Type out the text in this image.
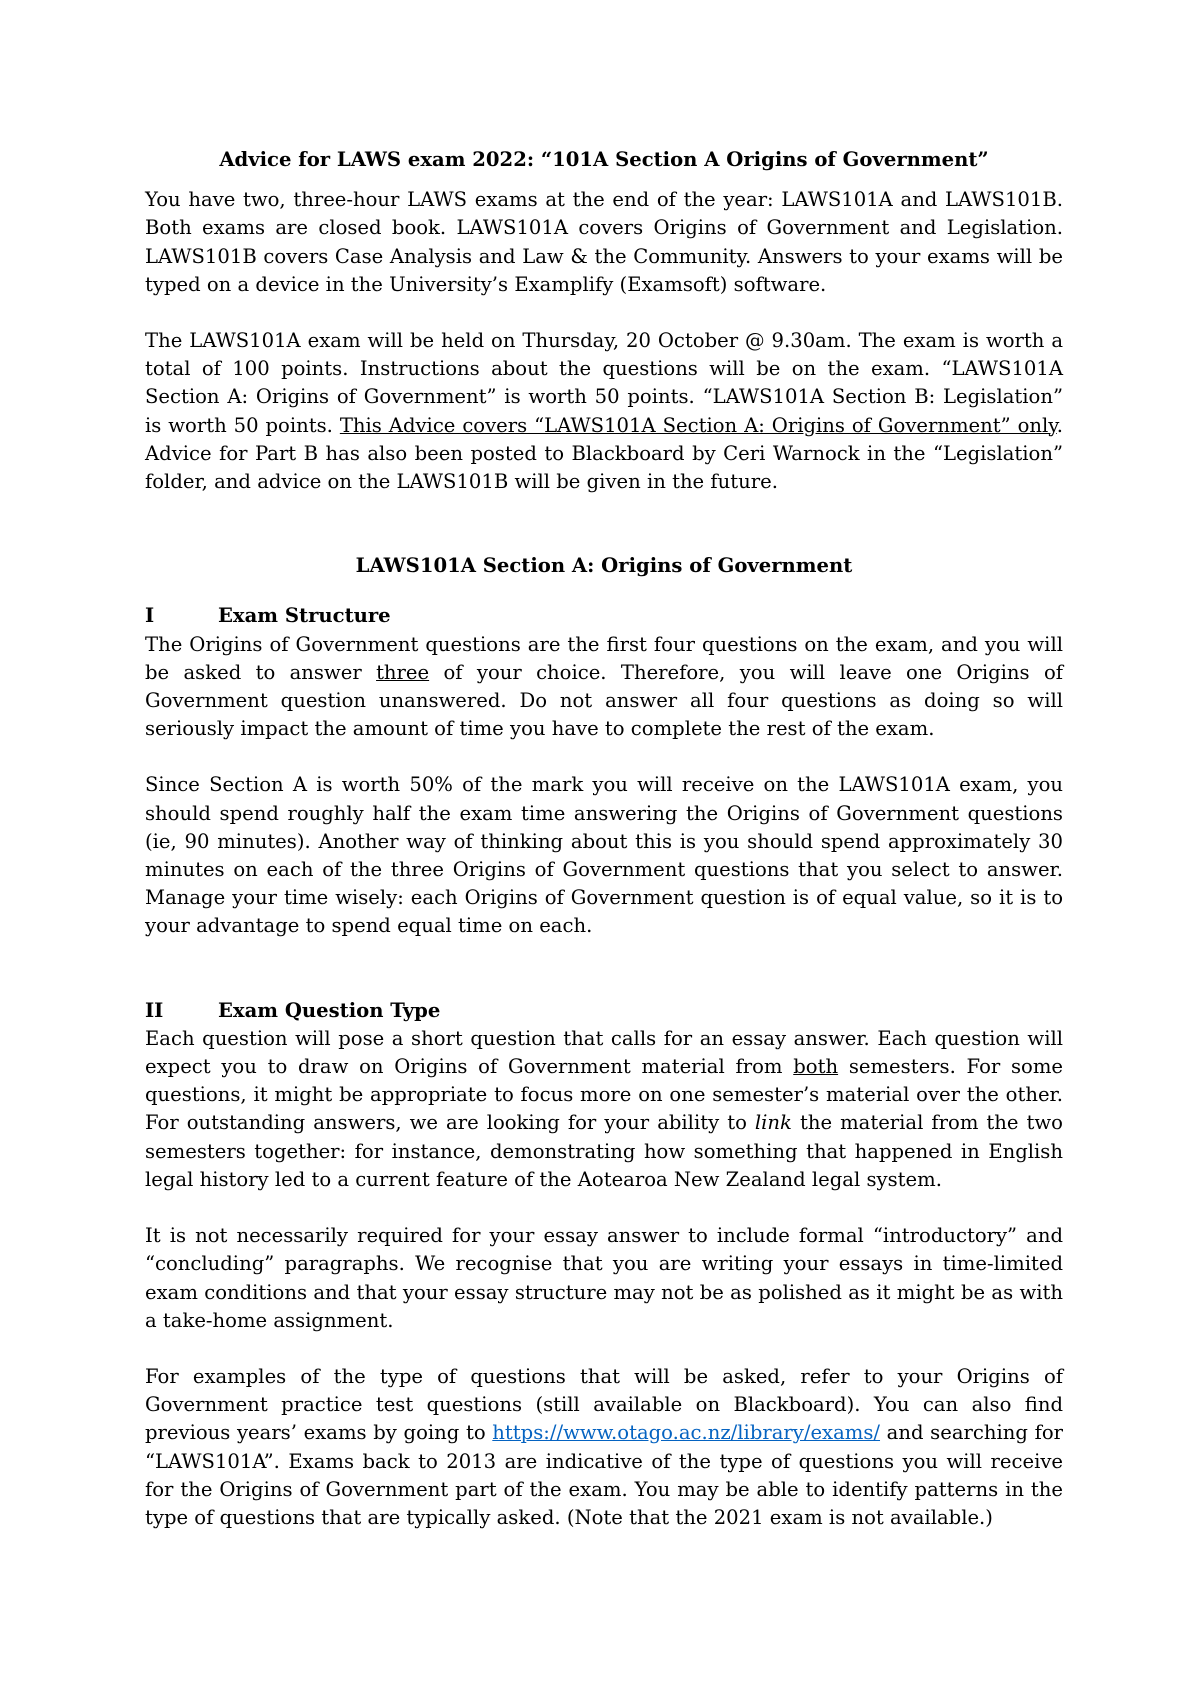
Advice for LAWS exam 2022: “101A Section A Origins of Government”

You have two, three-hour LAWS exams at the end of the year: LAWS101A and LAWS101B. Both exams are closed book. LAWS101A covers Origins of Government and Legislation. LAWS101B covers Case Analysis and Law & the Community. Answers to your exams will be typed on a device in the University’s Examplify (Examsoft) software.

The LAWS101A exam will be held on Thursday, 20 October @ 9.30am. The exam is worth a total of 100 points. Instructions about the questions will be on the exam. “LAWS101A Section A: Origins of Government” is worth 50 points. “LAWS101A Section B: Legislation” is worth 50 points. This Advice covers “LAWS101A Section A: Origins of Government” only. Advice for Part B has also been posted to Blackboard by Ceri Warnock in the “Legislation” folder, and advice on the LAWS101B will be given in the future.

LAWS101A Section A: Origins of Government
I	Exam Structure

The Origins of Government questions are the first four questions on the exam, and you will be asked to answer three of your choice. Therefore, you will leave one Origins of Government question unanswered. Do not answer all four questions as doing so will seriously impact the amount of time you have to complete the rest of the exam.

Since Section A is worth 50% of the mark you will receive on the LAWS101A exam, you should spend roughly half the exam time answering the Origins of Government questions (ie, 90 minutes). Another way of thinking about this is you should spend approximately 30 minutes on each of the three Origins of Government questions that you select to answer. Manage your time wisely: each Origins of Government question is of equal value, so it is to your advantage to spend equal time on each.

II	Exam Question Type

Each question will pose a short question that calls for an essay answer. Each question will expect you to draw on Origins of Government material from both semesters. For some questions, it might be appropriate to focus more on one semester’s material over the other. For outstanding answers, we are looking for your ability to link the material from the two semesters together: for instance, demonstrating how something that happened in English legal history led to a current feature of the Aotearoa New Zealand legal system.

It is not necessarily required for your essay answer to include formal “introductory” and “concluding” paragraphs. We recognise that you are writing your essays in time-limited exam conditions and that your essay structure may not be as polished as it might be as with a take-home assignment.

For examples of the type of questions that will be asked, refer to your Origins of Government practice test questions (still available on Blackboard). You can also find previous years’ exams by going to https://www.otago.ac.nz/library/exams/ and searching for “LAWS101A”. Exams back to 2013 are indicative of the type of questions you will receive for the Origins of Government part of the exam. You may be able to identify patterns in the type of questions that are typically asked. (Note that the 2021 exam is not available.)
